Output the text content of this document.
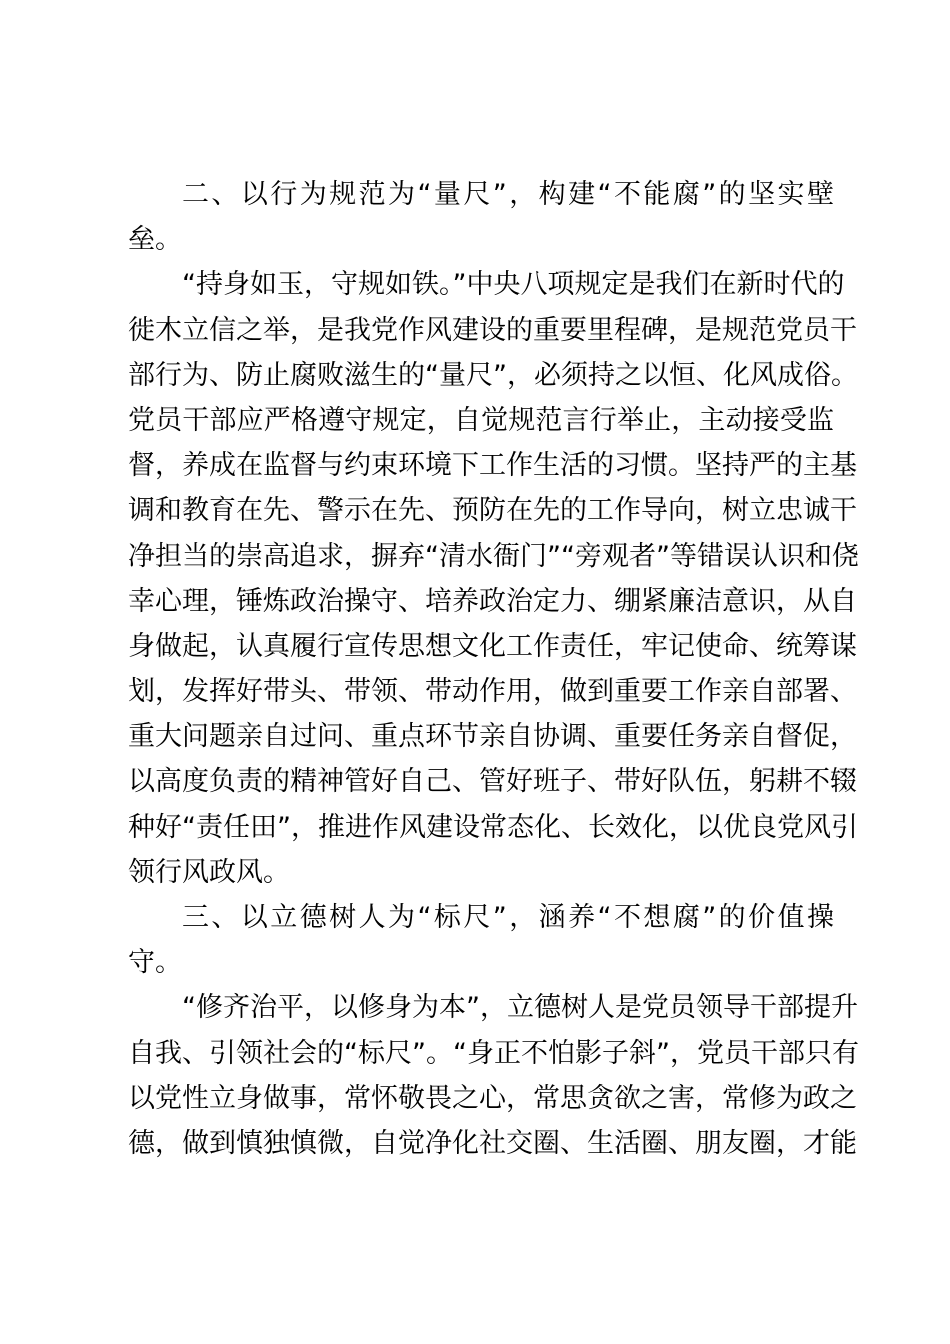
二、以行为规范为“量尺”，构建“不能腐”的坚实壁
垒。
“持身如玉，守规如铁。”中央八项规定是我们在新时代的
徙木立信之举，是我党作风建设的重要里程碑，是规范党员干
部行为、防止腐败滋生的“量尺”，必须持之以恒、化风成俗。
党员干部应严格遵守规定，自觉规范言行举止，主动接受监
督，养成在监督与约束环境下工作生活的习惯。坚持严的主基
调和教育在先、警示在先、预防在先的工作导向，树立忠诚干
净担当的崇高追求，摒弃“清水衙门”“旁观者”等错误认识和侥
幸心理，锤炼政治操守、培养政治定力、绷紧廉洁意识，从自
身做起，认真履行宣传思想文化工作责任，牢记使命、统筹谋
划，发挥好带头、带领、带动作用，做到重要工作亲自部署、
重大问题亲自过问、重点环节亲自协调、重要任务亲自督促，
以高度负责的精神管好自己、管好班子、带好队伍，躬耕不辍
种好“责任田”，推进作风建设常态化、长效化，以优良党风引
领行风政风。
三、以立德树人为“标尺”，涵养“不想腐”的价值操
守。
“修齐治平，以修身为本”，立德树人是党员领导干部提升
自我、引领社会的“标尺”。“身正不怕影子斜”，党员干部只有
以党性立身做事，常怀敬畏之心，常思贪欲之害，常修为政之
德，做到慎独慎微，自觉净化社交圈、生活圈、朋友圈，才能
